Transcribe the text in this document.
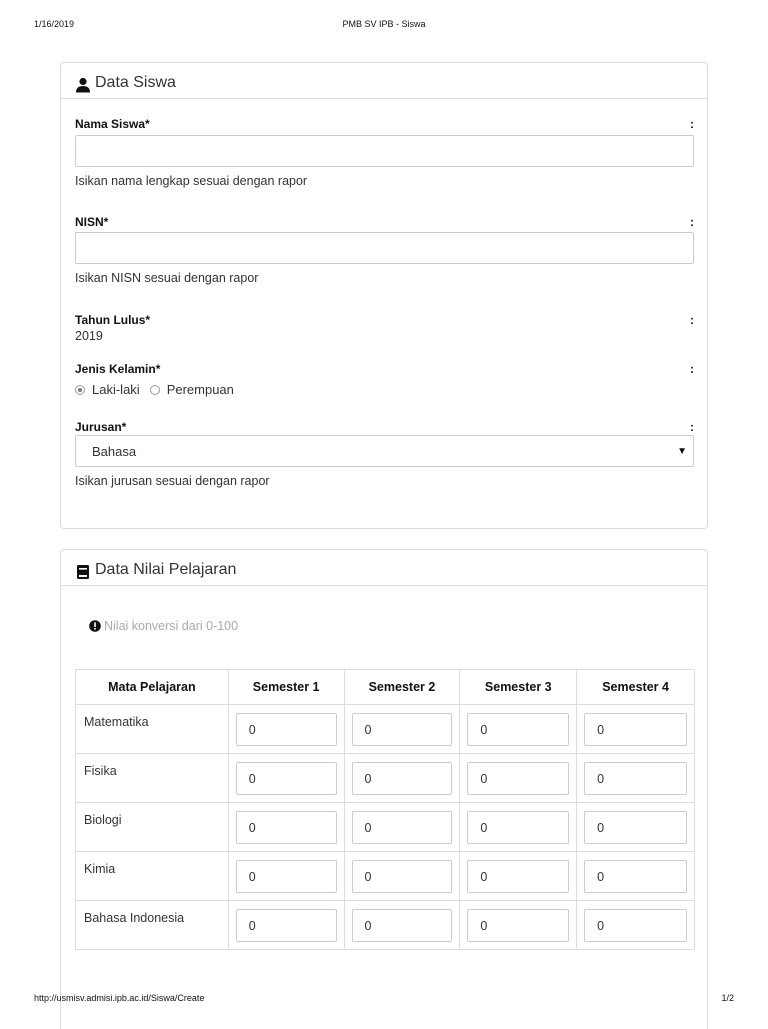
1/16/2019	PMB SV IPB - Siswa
Data Siswa
Nama Siswa*	:
Isikan nama lengkap sesuai dengan rapor
NISN*	:
Isikan NISN sesuai dengan rapor
Tahun Lulus*	:
2019
Jenis Kelamin*	:
Laki-laki Perempuan
Jurusan*	:
Bahasa	▼
Isikan jurusan sesuai dengan rapor
Data Nilai Pelajaran
Nilai konversi dari 0-100
Mata Pelajaran	Semester 1	Semester 2	Semester 3	Semester 4
Matematika	0	0	0	0

Fisika	0	0	0	0

Biologi	0	0	0	0

Kimia	0	0	0	0

Bahasa Indonesia	0	0	0	0
http://usmisv.admisi.ipb.ac.id/Siswa/Create	1/2
